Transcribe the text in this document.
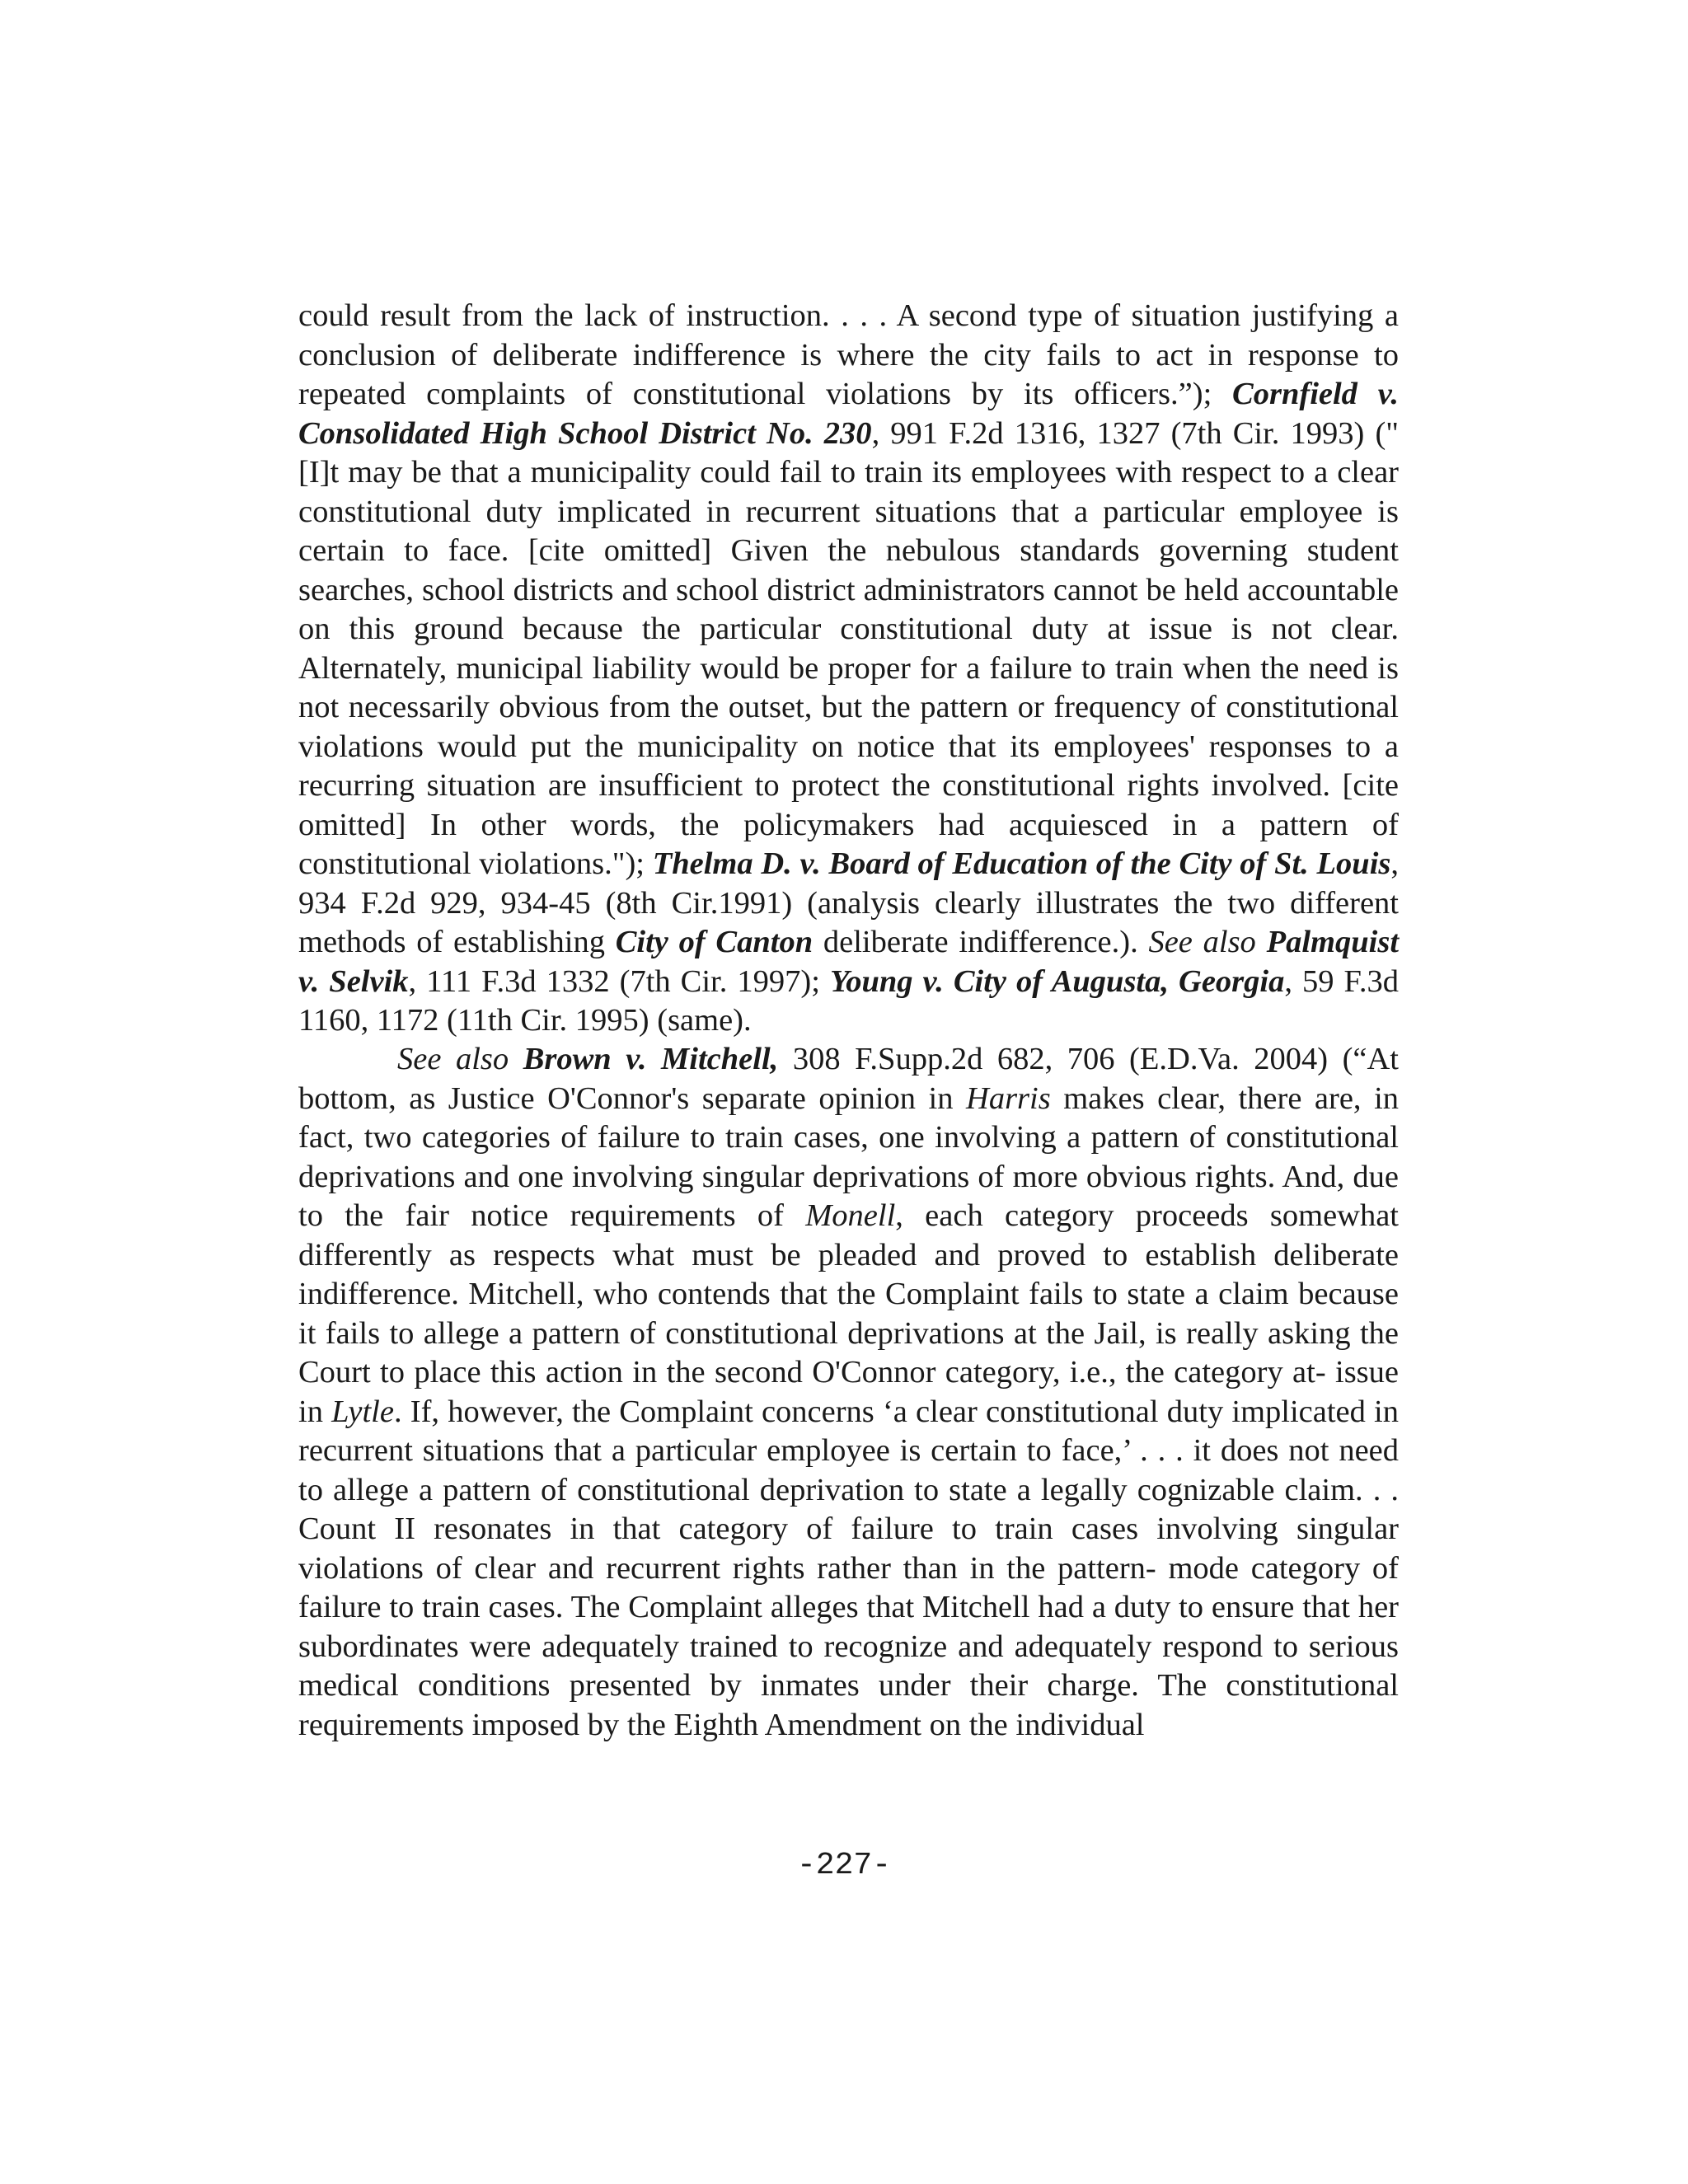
could result from the lack of instruction. . . . A second type of situation justifying a conclusion of deliberate indifference is where the city fails to act in response to repeated complaints of constitutional violations by its officers.”); Cornfield v. Consolidated High School District No. 230, 991 F.2d 1316, 1327 (7th Cir. 1993) ("[I]t may be that a municipality could fail to train its employees with respect to a clear constitutional duty implicated in recurrent situations that a particular employee is certain to face. [cite omitted] Given the nebulous standards governing student searches, school districts and school district administrators cannot be held accountable on this ground because the particular constitutional duty at issue is not clear. Alternately, municipal liability would be proper for a failure to train when the need is not necessarily obvious from the outset, but the pattern or frequency of constitutional violations would put the municipality on notice that its employees' responses to a recurring situation are insufficient to protect the constitutional rights involved. [cite omitted] In other words, the policymakers had acquiesced in a pattern of constitutional violations."); Thelma D. v. Board of Education of the City of St. Louis, 934 F.2d 929, 934-45 (8th Cir.1991) (analysis clearly illustrates the two different methods of establishing City of Canton deliberate indifference.). See also Palmquist v. Selvik, 111 F.3d 1332 (7th Cir. 1997); Young v. City of Augusta, Georgia, 59 F.3d 1160, 1172 (11th Cir. 1995) (same).

See also Brown v. Mitchell, 308 F.Supp.2d 682, 706 (E.D.Va. 2004) (“At bottom, as Justice O'Connor's separate opinion in Harris makes clear, there are, in fact, two categories of failure to train cases, one involving a pattern of constitutional deprivations and one involving singular deprivations of more obvious rights. And, due to the fair notice requirements of Monell, each category proceeds somewhat differently as respects what must be pleaded and proved to establish deliberate indifference. Mitchell, who contends that the Complaint fails to state a claim because it fails to allege a pattern of constitutional deprivations at the Jail, is really asking the Court to place this action in the second O'Connor category, i.e., the category at- issue in Lytle. If, however, the Complaint concerns ‘a clear constitutional duty implicated in recurrent situations that a particular employee is certain to face,’ . . . it does not need to allege a pattern of constitutional deprivation to state a legally cognizable claim. . . Count II resonates in that category of failure to train cases involving singular violations of clear and recurrent rights rather than in the pattern- mode category of failure to train cases. The Complaint alleges that Mitchell had a duty to ensure that her subordinates were adequately trained to recognize and adequately respond to serious medical conditions presented by inmates under their charge. The constitutional requirements imposed by the Eighth Amendment on the individual

-227-
